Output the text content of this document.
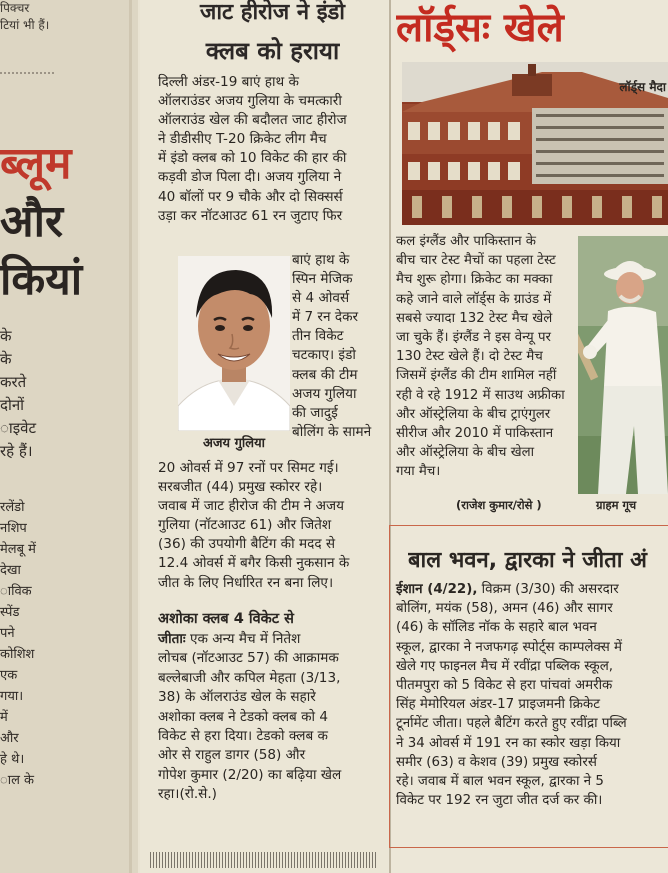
पिक्चर
टियां भी हैं।
ब्लूम
और
कियां
के
के
करते
दोनों
ाइवेट
रहे हैं।
रलेंडो
नशिप
मेलबू में
देखा
ाविक
स्पेंड
पने
कोशिश
एक
गया।
में
और
हे थे।
ाल के
जाट हीरोज ने इंडो
क्लब को हराया
दिल्ली अंडर-19 बाएं हाथ के
ऑलराउंडर अजय गुलिया के चमत्कारी
ऑलराउंड खेल की बदौलत जाट हीरोज
ने डीडीसीए T-20 क्रिकेट लीग मैच
में इंडो क्लब को 10 विकेट की हार की
कड़वी डोज पिला दी। अजय गुलिया ने
40 बॉलों पर 9 चौके और दो सिक्सर्स
उड़ा कर नॉटआउट 61 रन जुटाए फिर
बाएं हाथ के
स्पिन मेजिक
से 4 ओवर्स
में 7 रन देकर
तीन विकेट
चटकाए। इंडो
क्लब की टीम
अजय गुलिया
की जादुई
बोलिंग के सामने
अजय गुलिया
20 ओवर्स में 97 रनों पर सिमट गई।
सरबजीत (44) प्रमुख स्कोरर रहे।
जवाब में जाट हीरोज की टीम ने अजय
गुलिया (नॉटआउट 61) और जितेश
(36) की उपयोगी बैटिंग की मदद से
12.4 ओवर्स में बगैर किसी नुकसान के
जीत के लिए निर्धारित रन बना लिए।
अशोका क्लब 4 विकेट से
जीताः एक अन्य मैच में नितेश
लोचब (नॉटआउट 57) की आक्रामक
बल्लेबाजी और कपिल मेहता (3/13,
38) के ऑलराउंड खेल के सहारे
अशोका क्लब ने टेडको क्लब को 4
विकेट से हरा दिया। टेडको क्लब क
ओर से राहुल डागर (58) और
गोपेश कुमार (2/20) का बढ़िया खेल
रहा।(रो.से.)
लॉर्ड्सः खेले
लॉर्ड्स मैदा
कल इंग्लैंड और पाकिस्तान के
बीच चार टेस्ट मैचों का पहला टेस्ट
मैच शुरू होगा। क्रिकेट का मक्का
कहे जाने वाले लॉर्ड्स के ग्राउंड में
सबसे ज्यादा 132 टेस्ट मैच खेले
जा चुके हैं। इंग्लैंड ने इस वेन्यू पर
130 टेस्ट खेले हैं। दो टेस्ट मैच
जिसमें इंग्लैंड की टीम शामिल नहीं
रही वे रहे 1912 में साउथ अफ्रीका
और ऑस्ट्रेलिया के बीच ट्राएंगुलर
सीरीज और 2010 में पाकिस्तान
और ऑस्ट्रेलिया के बीच खेला
गया मैच।
(राजेश कुमार/रोसे )	ग्राहम गूच
बाल भवन, द्वारका ने जीता अं
ईशान (4/22), विक्रम (3/30) की असरदार
बोलिंग, मयंक (58), अमन (46) और सागर
(46) के सॉलिड नॉक के सहारे बाल भवन
स्कूल, द्वारका ने नजफगढ़ स्पोर्ट्स काम्पलेक्स में
खेले गए फाइनल मैच में रवींद्रा पब्लिक स्कूल,
पीतमपुरा को 5 विकेट से हरा पांचवां अमरीक
सिंह मेमोरियल अंडर-17 प्राइजमनी क्रिकेट
टूर्नामेंट जीता। पहले बैटिंग करते हुए रवींद्रा पब्लि
ने 34 ओवर्स में 191 रन का स्कोर खड़ा किया
समीर (63) व केशव (39) प्रमुख स्कोरर्स
रहे। जवाब में बाल भवन स्कूल, द्वारका ने 5
विकेट पर 192 रन जुटा जीत दर्ज कर की।
